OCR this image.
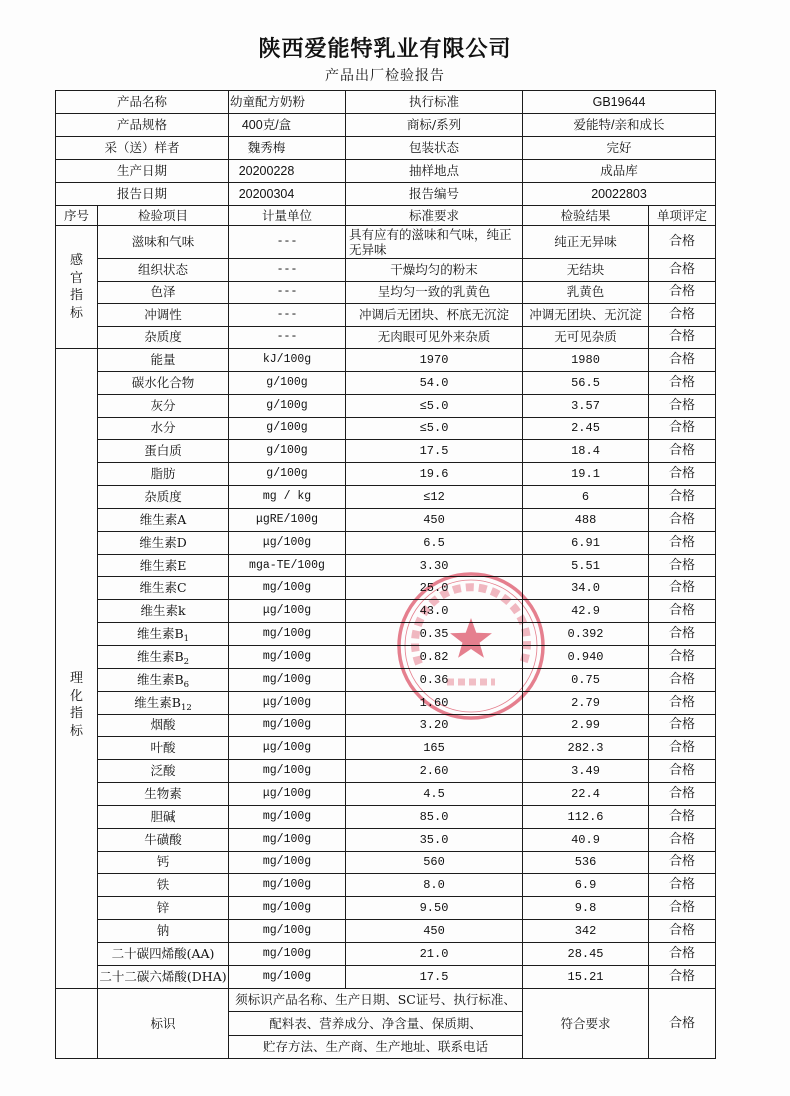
陕西爱能特乳业有限公司
产品出厂检验报告
产品名称		幼童配方奶粉	执行标准	GB19644	
产品规格		400克/盒	商标/系列	爱能特/亲和成长	
采（送）样者		魏秀梅	包装状态	完好	
生产日期		20200228	抽样地点	成品库	
报告日期		20200304	报告编号	20022803	
序号	检验项目	计量单位	标准要求	检验结果	单项评定

感官指标	滋味和气味	---	具有应有的滋味和气味，纯正无异味	纯正无异味	合格
	组织状态	---	干燥均匀的粉末	无结块	合格
	色泽	---	呈均匀一致的乳黄色	乳黄色	合格
	冲调性	---	冲调后无团块、杯底无沉淀	冲调无团块、无沉淀	合格
	杂质度	---	无肉眼可见外来杂质	无可见杂质	合格

理化指标	能量	kJ/100g	1970	1980	合格
	碳水化合物	g/100g	54.0	56.5	合格
	灰分	g/100g	≤5.0	3.57	合格
	水分	g/100g	≤5.0	2.45	合格
	蛋白质	g/100g	17.5	18.4	合格
	脂肪	g/100g	19.6	19.1	合格
	杂质度	mg / kg	≤12	6	合格
	维生素A	μgRE/100g	450	488	合格
	维生素D	μg/100g	6.5	6.91	合格
	维生素E	mga-TE/100g	3.30	5.51	合格
	维生素C	mg/100g	25.0	34.0	合格
	维生素k	μg/100g	43.0	42.9	合格
	维生素$B_1$	mg/100g	0.35	0.392	合格
	维生素$B_2$	mg/100g	0.82	0.940	合格
	维生素$B_6$	mg/100g	0.36	0.75	合格
	维生素$B_{12}$	μg/100g	1.60	2.79	合格
	烟酸	mg/100g	3.20	2.99	合格
	叶酸	μg/100g	165	282.3	合格
	泛酸	mg/100g	2.60	3.49	合格
	生物素	μg/100g	4.5	22.4	合格
	胆碱	mg/100g	85.0	112.6	合格
	牛磺酸	mg/100g	35.0	40.9	合格
	钙	mg/100g	560	536	合格
	铁	mg/100g	8.0	6.9	合格
	锌	mg/100g	9.50	9.8	合格
	钠	mg/100g	450	342	合格
	二十碳四烯酸(AA)	mg/100g	21.0	28.45	合格
	二十二碳六烯酸(DHA)	mg/100g	17.5	15.21	合格
	标识	须标识产品名称、生产日期、SC证号、执行标准、		符合要求	合格
		配料表、营养成分、净含量、保质期、			
		贮存方法、生产商、生产地址、联系电话			
